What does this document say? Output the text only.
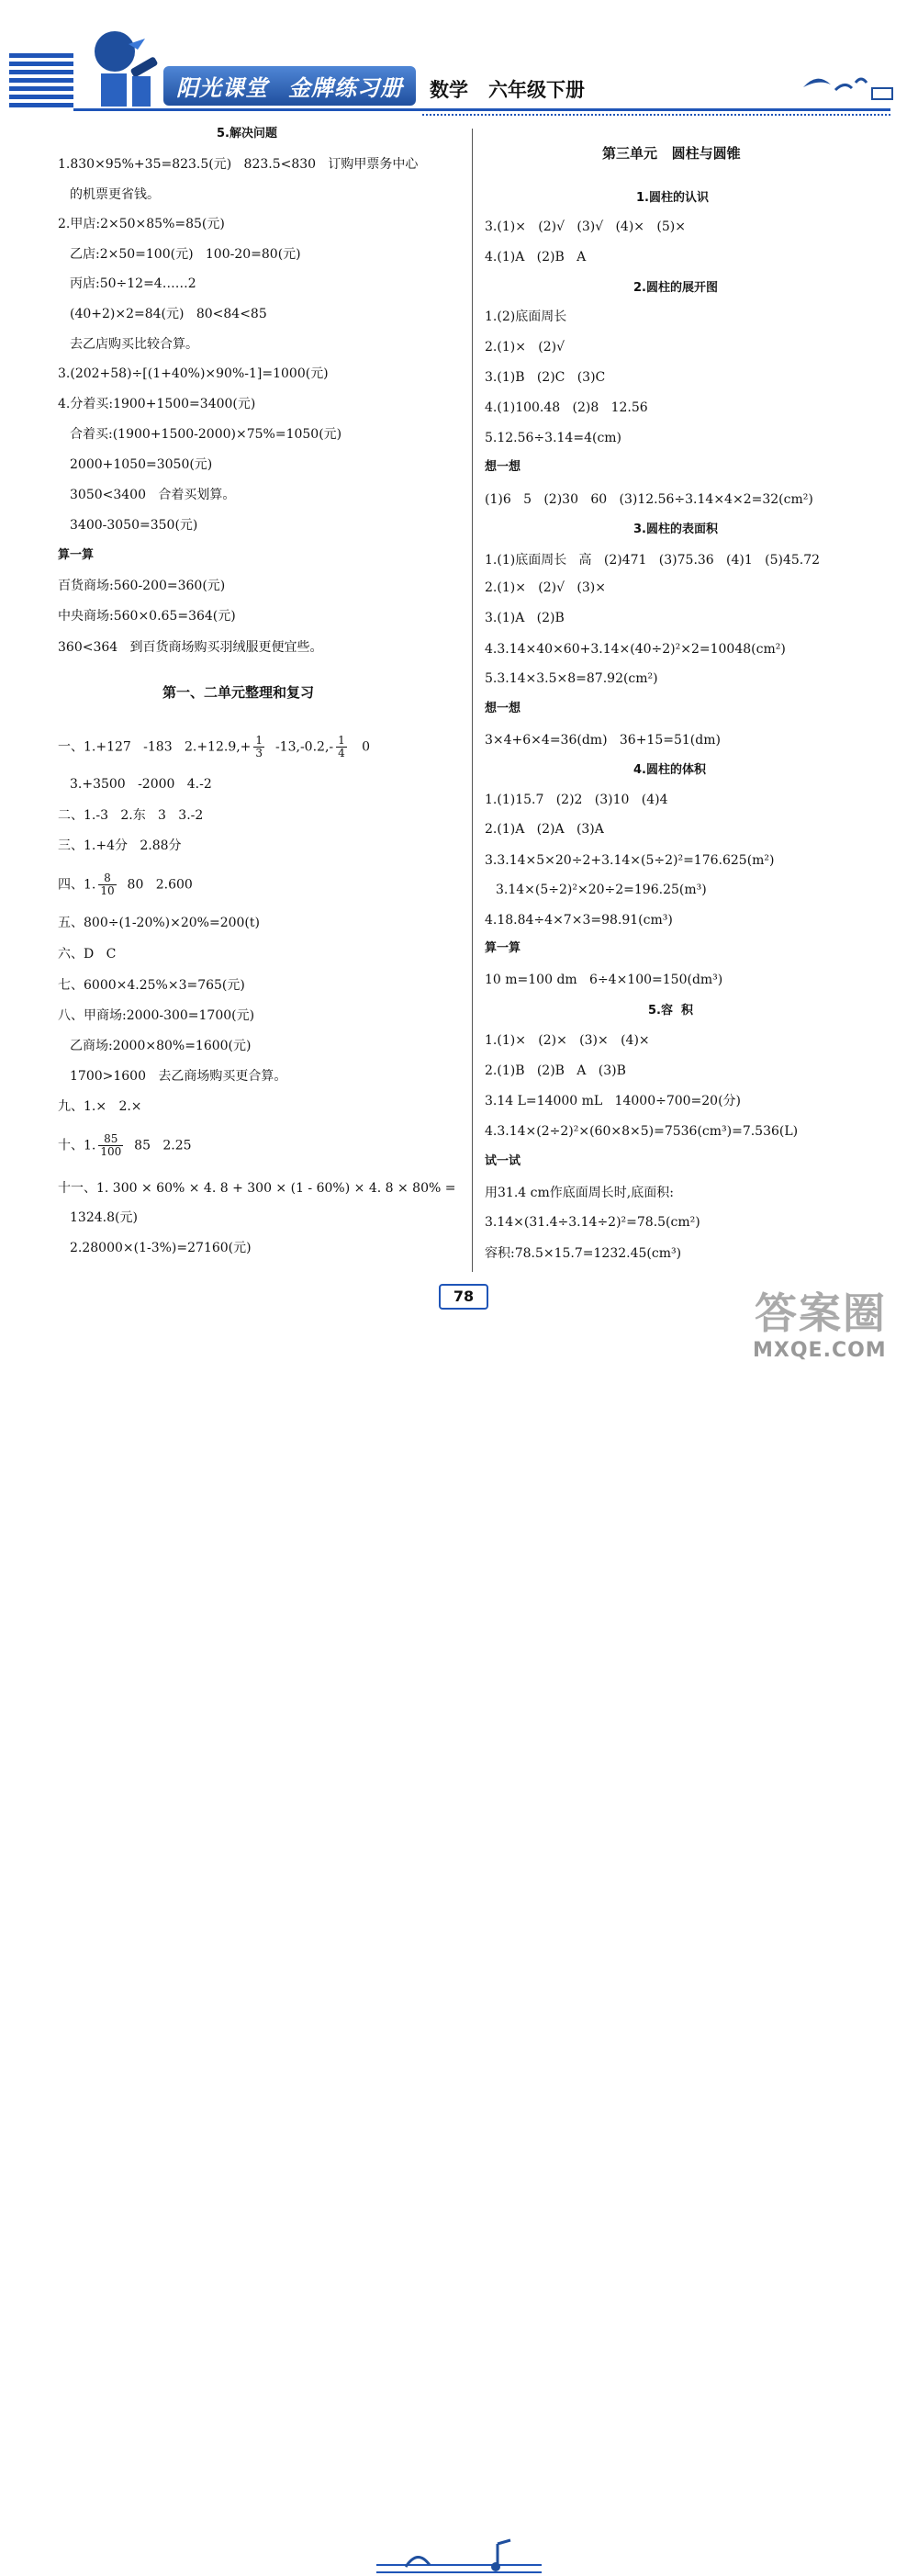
阳光课堂 金牌练习册	数学 六年级下册
5.解决问题
1.830×95%+35=823.5(元)   823.5<830   订购甲票务中心
的机票更省钱。
2.甲店:2×50×85%=85(元)
乙店:2×50=100(元)   100-20=80(元)
丙店:50÷12=4……2
(40+2)×2=84(元)   80<84<85
去乙店购买比较合算。
3.(202+58)÷[(1+40%)×90%-1]=1000(元)
4.分着买:1900+1500=3400(元)
合着买:(1900+1500-2000)×75%=1050(元)
2000+1050=3050(元)
3050<3400   合着买划算。
3400-3050=350(元)
算一算
百货商场:560-200=360(元)
中央商场:560×0.65=364(元)
360<364   到百货商场购买羽绒服更便宜些。
第一、二单元整理和复习
一、1.+127   -183   $2.+12.9,+ \frac{1}{3} -13,-0.2,- \frac{1}{4} 0$
3.+3500   -2000   4.-2
二、1.-3   2.东   3   3.-2
三、1.+4分   2.88分
四、1. $\frac{8}{10} 80$   2.600
五、800÷(1-20%)×20%=200(t)
六、D   C
七、6000×4.25%×3=765(元)
八、甲商场:2000-300=1700(元)
乙商场:2000×80%=1600(元)
1700>1600   去乙商场购买更合算。
九、1.×   2.×
十、1. $\frac{85}{100} 85$   2.25
十一、1. 300 × 60% × 4. 8 + 300 × (1 - 60%) × 4. 8 × 80% =
1324.8(元)
2.28000×(1-3%)=27160(元)
第三单元   圆柱与圆锥
1.圆柱的认识
3.(1)×   (2)√   (3)√   (4)×   (5)×
4.(1)A   (2)B   A
2.圆柱的展开图
1.(2)底面周长
2.(1)×   (2)√
3.(1)B   (2)C   (3)C
4.(1)100.48   (2)8   12.56
5.12.56÷3.14=4(cm)
想一想
(1)6   5   (2)30   60   (3)12.56÷3.14×4×2=32(cm²)
3.圆柱的表面积
1.(1)底面周长   高   (2)471   (3)75.36   (4)1   (5)45.72
2.(1)×   (2)√   (3)×
3.(1)A   (2)B
4.3.14×40×60+3.14×(40÷2)²×2=10048(cm²)
5.3.14×3.5×8=87.92(cm²)
想一想
3×4+6×4=36(dm)   36+15=51(dm)
4.圆柱的体积
1.(1)15.7   (2)2   (3)10   (4)4
2.(1)A   (2)A   (3)A
3.3.14×5×20÷2+3.14×(5÷2)²=176.625(m²)
3.14×(5÷2)²×20÷2=196.25(m³)
4.18.84÷4×7×3=98.91(cm³)
算一算
10 m=100 dm   6÷4×100=150(dm³)
5.容  积
1.(1)×   (2)×   (3)×   (4)×
2.(1)B   (2)B   A   (3)B
3.14 L=14000 mL   14000÷700=20(分)
4.3.14×(2÷2)²×(60×8×5)=7536(cm³)=7.536(L)
试一试
用31.4 cm作底面周长时,底面积:
3.14×(31.4÷3.14÷2)²=78.5(cm²)
容积:78.5×15.7=1232.45(cm³)
78	答案圈
MXQE.COM
